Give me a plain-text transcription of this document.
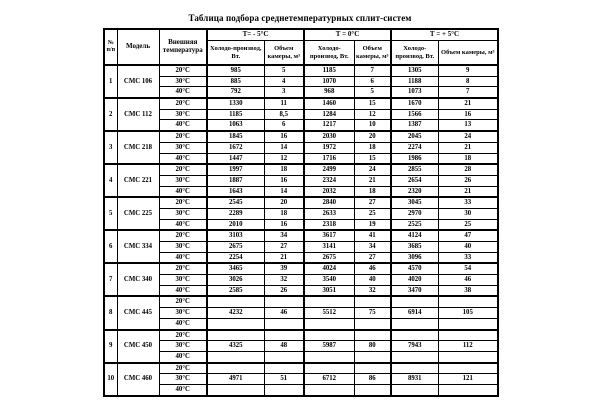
Таблица подбора среднетемпературных сплит-систем
№ п/п	Модель	Внешняя температура	Т= - 5°С		Т = 0°С		Т = + 5°С	
			Холодо-производ, Вт.	Объем камеры, м³	Холодо-производ, Вт.	Объем камеры, м³	Холодо-производ, Вт.	Объем камеры, м³
1	СМС 106	20°С	985	5	1185	7	1305	9
		30°С	885	4	1070	6	1188	8
		40°С	792	3	968	5	1073	7
2	СМС 112	20°С	1330	11	1460	15	1670	21
		30°С	1185	8,5	1284	12	1566	16
		40°С	1063	6	1217	10	1387	13
3	СМС 218	20°С	1845	16	2030	20	2045	24
		30°С	1672	14	1972	18	2274	21
		40°С	1447	12	1716	15	1986	18
4	СМС 221	20°С	1997	18	2499	24	2855	28
		30°С	1887	16	2324	21	2654	26
		40°С	1643	14	2032	18	2320	21
5	СМС 225	20°С	2545	20	2840	27	3045	33
		30°С	2289	18	2633	25	2970	30
		40°С	2010	16	2318	19	2525	25
6	СМС 334	20°С	3103	34	3617	41	4124	47
		30°С	2675	27	3141	34	3685	40
		40°С	2254	21	2675	27	3096	33
7	СМС 340	20°С	3465	39	4024	46	4570	54
		30°С	3026	32	3540	40	4020	46
		40°С	2585	26	3051	32	3470	38
8	СМС 445	20°С						
		30°С	4232	46	5512	75	6914	105
		40°С						
9	СМС 450	20°С						
		30°С	4325	48	5987	80	7943	112
		40°С						
10	СМС 460	20°С						
		30°С	4971	51	6712	86	8931	121
		40°С						
